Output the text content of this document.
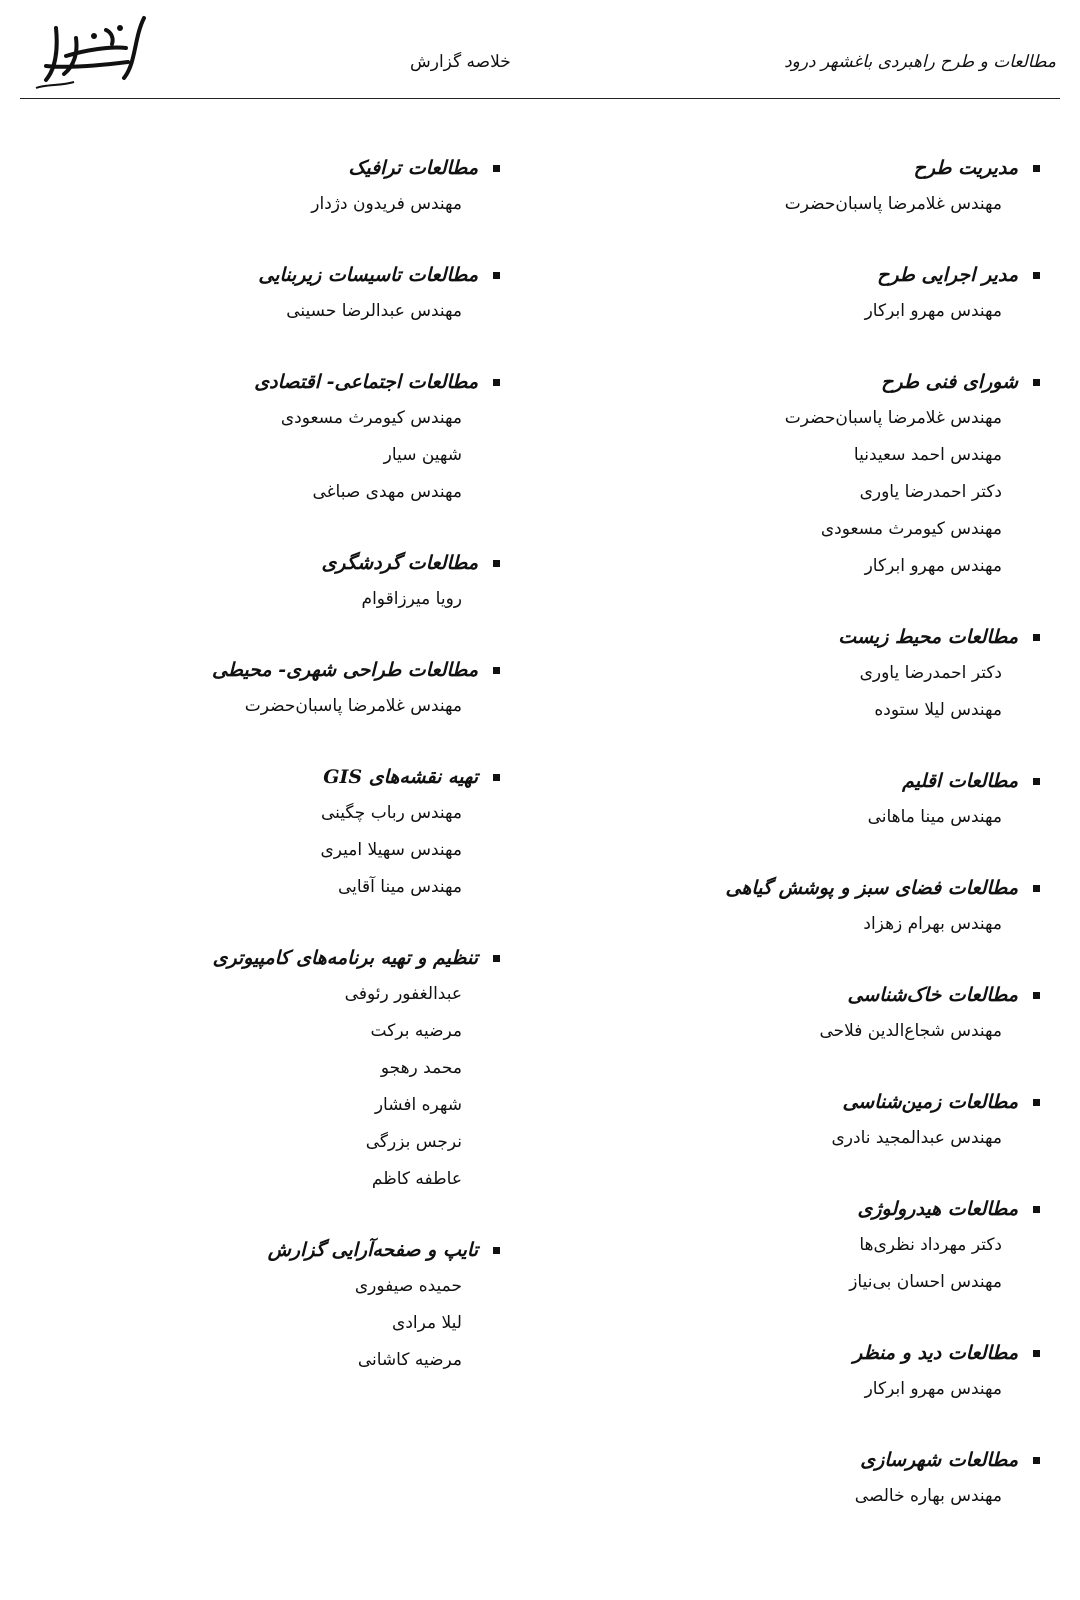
مطالعات و طرح راهبردی باغشهر درود
خلاصه گزارش
مدیریت طرح
مهندس غلامرضا پاسبان‌حضرت
مدیر اجرایی طرح
مهندس مهرو ابرکار
شورای فنی طرح
مهندس غلامرضا پاسبان‌حضرت
مهندس احمد سعیدنیا
دکتر احمدرضا یاوری
مهندس کیومرث مسعودی
مهندس مهرو ابرکار
مطالعات محیط زیست
دکتر احمدرضا یاوری
مهندس لیلا ستوده
مطالعات اقلیم
مهندس مینا ماهانی
مطالعات فضای سبز و پوشش گیاهی
مهندس بهرام زهزاد
مطالعات خاک‌شناسی
مهندس شجاع‌الدین فلاحی
مطالعات زمین‌شناسی
مهندس عبدالمجید نادری
مطالعات هیدرولوژی
دکتر مهرداد نظری‌ها
مهندس احسان بی‌نیاز
مطالعات دید و منظر
مهندس مهرو ابرکار
مطالعات شهرسازی
مهندس بهاره خالصی
مطالعات ترافیک
مهندس فریدون دژدار
مطالعات تاسیسات زیربنایی
مهندس عبدالرضا حسینی
مطالعات اجتماعی- اقتصادی
مهندس کیومرث مسعودی
شهین سیار
مهندس مهدی صباغی
مطالعات گردشگری
رویا میرزاقوام
مطالعات طراحی شهری- محیطی
مهندس غلامرضا پاسبان‌حضرت
تهیه نقشه‌های GIS
مهندس رباب چگینی
مهندس سهیلا امیری
مهندس مینا آقایی
تنظیم و تهیه برنامه‌های کامپیوتری
عبدالغفور رئوفی
مرضیه برکت
محمد رهجو
شهره افشار
نرجس بزرگی
عاطفه کاظم
تایپ و صفحه‌آرایی گزارش
حمیده صیفوری
لیلا مرادی
مرضیه کاشانی
